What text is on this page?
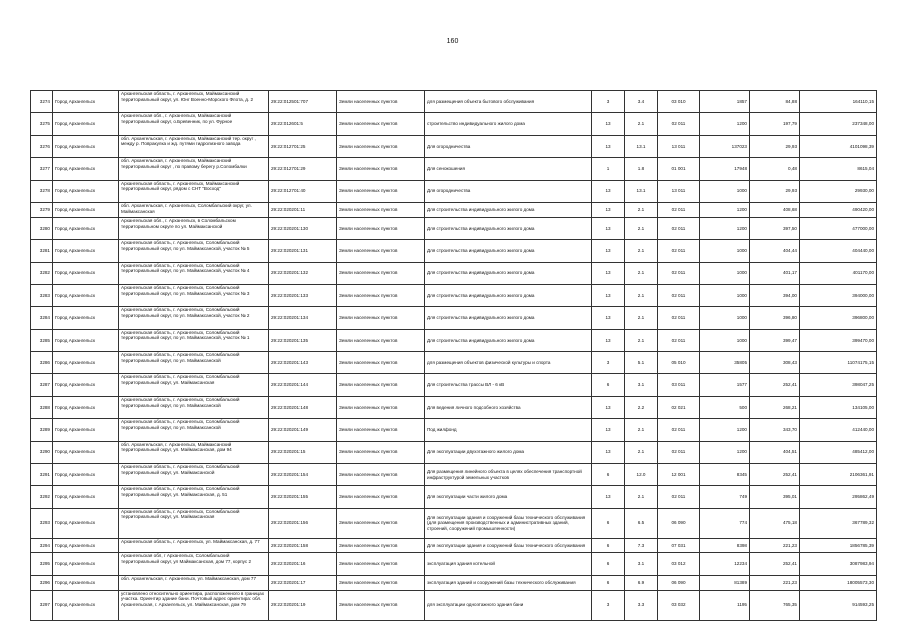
160
3274	Город Архангельск	Архангельская область, г. Архангельск, Маймаксанский территориальный округ, ул. Юнг Военно-Морского Флота, д. 2	29:22:012501:707	Земли населенных пунктов	для размещения объекта бытового обслуживания	3	3.4	03 010	1857	84,88	164110,15
3275	Город Архангельск	Архангельская обл., г. Архангельск, Маймаксанский территориальный округ, о.Бревенник, по ул. Фурное	29:22:012601:5	Земли населенных пунктов	строительство индивидуального жилого дома	13	2.1	02 011	1200	197,79	237348,00
3276	Город Архангельск	обл. Архангельская, г. Архангельск, Маймаксанский тер. округ , между р. Повракулка и жд. путями гидролизного завода	29:22:012701:25	Земли населенных пунктов	Для огородничества	13	13.1	13 011	137023	29,93	4101098,39
3277	Город Архангельск	обл. Архангельская, г. Архангельск, Маймаксанский территориальный округ , по правому берегу р.Соломбалки	29:22:012701:29	Земли населенных пунктов	Для сенокошения	1	1.8	01 001	17948	0,48	8615,04
3278	Город Архангельск	Архангельская область, г. Архангельск, Маймаксанский территориальный округ, рядом с СНТ "Восход"	29:22:012701:40	Земли населенных пунктов	Для огородничества	13	13.1	13 011	1000	29,93	29930,00
3279	Город Архангельск	обл. Архангельская, г. Архангельск, Соломбальский округ, ул. Маймаксанская	29:22:020201:11	Земли населенных пунктов	Для строительства индивидуального жилого дома	13	2.1	02 011	1200	408,68	490420,00
3280	Город Архангельск	Архангельская обл., г. Архангельск, в Соломбальском территориальном округе по ул. Маймаксанской	29:22:020201:130	Земли населенных пунктов	Для строительства индивидуального жилого дома	13	2.1	02 011	1200	397,50	477000,00
3281	Город Архангельск	Архангельская область, г. Архангельск, Соломбальский территориальный округ, по ул. Маймаксанской, участок № 5	29:22:020201:131	Земли населенных пунктов	Для строительства индивидуального жилого дома	13	2.1	02 011	1000	404,44	404440,00
3282	Город Архангельск	Архангельская область, г. Архангельск, Соломбальский территориальный округ, по ул. Маймаксанской, участок № 4	29:22:020201:132	Земли населенных пунктов	Для строительства индивидуального жилого дома	13	2.1	02 011	1000	401,17	401170,00
3283	Город Архангельск	Архангельская область, г. Архангельск, Соломбальский территориальный округ, по ул. Маймаксанской, участок № 3	29:22:020201:133	Земли населенных пунктов	Для строительства индивидуального жилого дома	13	2.1	02 011	1000	394,00	394000,00
3284	Город Архангельск	Архангельская область, г. Архангельск, Соломбальский территориальный округ, по ул. Маймаксанской, участок № 2	29:22:020201:134	Земли населенных пунктов	Для строительства индивидуального жилого дома	13	2.1	02 011	1000	396,80	396800,00
3285	Город Архангельск	Архангельская область, г. Архангельск, Соломбальский территориальный округ, по ул. Маймаксанской, участок № 1	29:22:020201:135	Земли населенных пунктов	Для строительства индивидуального жилого дома	13	2.1	02 011	1000	399,47	399470,00
3286	Город Архангельск	Архангельская область, г. Архангельск, Соломбальский территориальный округ, по ул. Маймаксанской	29:22:020201:143	Земли населенных пунктов	для размещения объектов физической культуры и спорта	3	5.1	05 010	35805	308,43	11074175,15
3287	Город Архангельск	Архангельская область, г. Архангельск, Соломбальский территориальный округ, ул. Маймаксанская	29:22:020201:144	Земли населенных пунктов	Для строительства трассы ВЛ - 6 кВ	6	3.1	03 011	1577	252,41	398047,25
3288	Город Архангельск	Архангельская область, г. Архангельск, Соломбальский территориальный округ, по ул. Маймаксанской	29:22:020201:148	Земли населенных пунктов	Для ведения личного подсобного хозяйства	13	2.2	02 021	500	268,21	134105,00
3289	Город Архангельск	Архангельская область, г. Архангельск, Соломбальский территориальный округ, по ул. Маймаксанской	29:22:020201:149	Земли населенных пунктов	Под жилфонд	13	2.1	02 011	1200	343,70	412440,00
3290	Город Архангельск	обл. Архангельская, г. Архангельск, Маймаксанский территориальный округ, ул. Маймаксанская, дом 94	29:22:020201:15	Земли населенных пунктов	Для эксплуатации двухэтажного жилого дома	13	2.1	02 011	1200	404,51	485412,00
3291	Город Архангельск	Архангельская область, г. Архангельск, Соломбальский территориальный округ, ул. Маймаксанской	29:22:020201:154	Земли населенных пунктов	Для размещения линейного объекта в целях обеспечения транспортной инфраструктурой земельных участков	6	12.0	12 001	8345	252,41	2106361,91
3292	Город Архангельск	Архангельская область, г. Архангельск, Соломбальский территориальный округ, ул. Маймаксанская, д. 51	29:22:020201:155	Земли населенных пунктов	Для эксплуатации части жилого дома	13	2.1	02 011	749	395,01	295862,49
3293	Город Архангельск	Архангельская область, г. Архангельск, Соломбальский территориальный округ, ул. Маймаксанская	29:22:020201:156	Земли населенных пунктов	Для эксплуатации здания и сооружений базы технического обслуживания (для размещения производственных и административных зданий, строений, сооружений промышленности)	6	6.5	06 090	774	475,18	367789,32
3294	Город Архангельск	Архангельская область, г. Архангельск, ул. Маймаксанская, д. 77	29:22:020201:158	Земли населенных пунктов	Для эксплуатации здания и сооружений базы технического обслуживания	6	7.3	07 031	8398	221,23	1856785,39
3295	Город Архангельск	Архангельская обл, г Архангельск, Соломбальский территориальный округ, ул Маймаксанская, дом 77, корпус 2	29:22:020201:16	Земли населенных пунктов	эксплуатация здания котельной	6	3.1	03 012	12234	252,41	3087983,94
3296	Город Архангельск	обл. Архангельская, г. Архангельск, ул. Маймаксанская, дом 77	29:22:020201:17	Земли населенных пунктов	эксплуатация зданий и сооружений базы технического обслуживания	6	6.9	06 090	81389	221,23	18005573,30
3297	Город Архангельск	установлено относительно ориентира, расположенного в границах участка. Ориентир здание бани. Почтовый адрес ориентира: обл. Архангельская, г. Архангельск, ул. Маймаксанская, дом 79	29:22:020201:19	Земли населенных пунктов	для эксплуатации одноэтажного здания бани	3	3.3	03 032	1195	765,35	914593,25
